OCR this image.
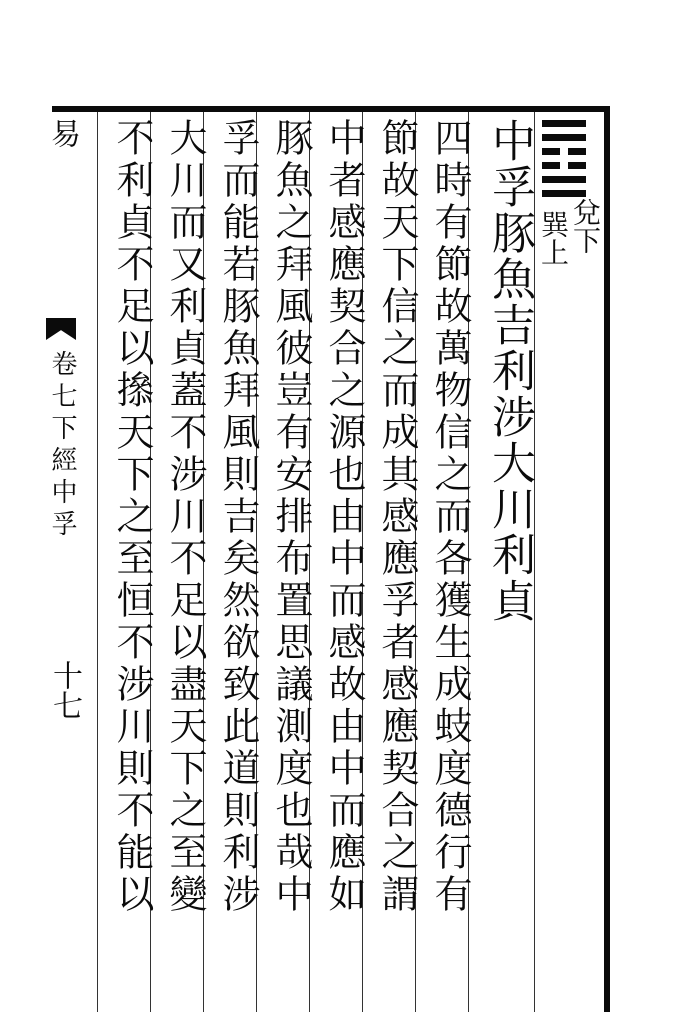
易

卷七下經中孚

十七

兌下

巽上

中孚豚魚吉利涉大川利貞

四時有節故萬物信之而各獲生成蚑度德行有

節故天下信之而成其感應孚者感應契合之謂

中者感應契合之源也由中而感故由中而應如

豚魚之拜風彼豈有安排布置思議測度也哉中

孚而能若豚魚拜風則吉矣然欲致此道則利涉

大川而又利貞蓋不涉川不足以盡天下之至變

不利貞不足以撡天下之至恒不涉川則不能以
